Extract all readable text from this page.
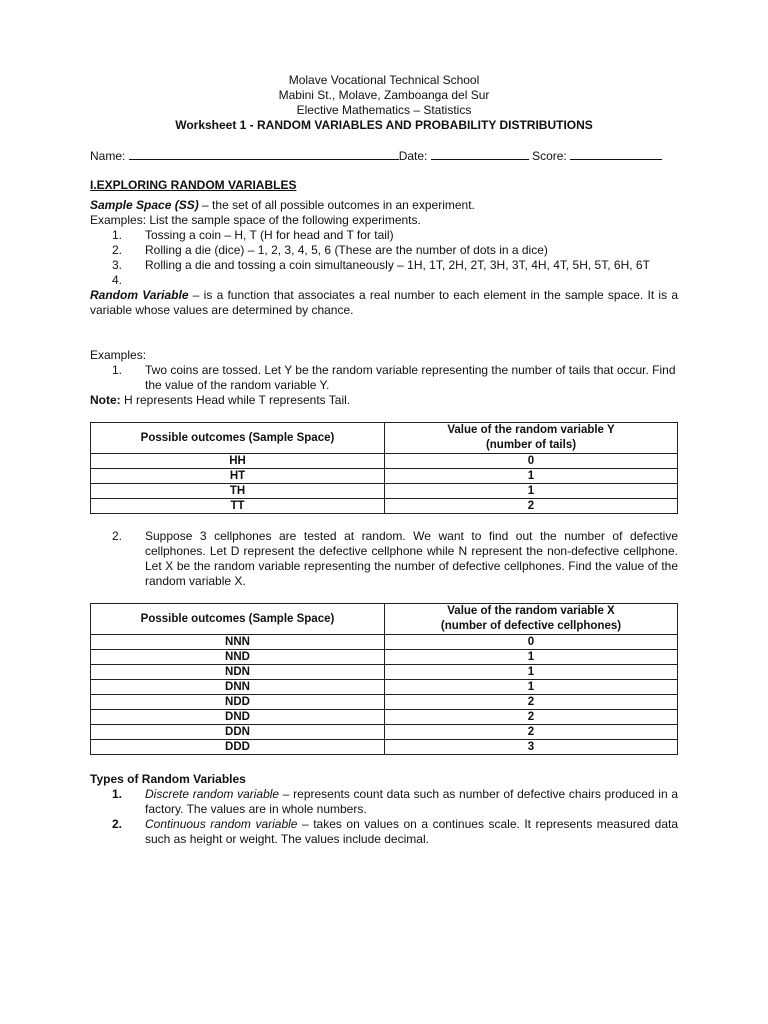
Molave Vocational Technical School
Mabini St., Molave, Zamboanga del Sur
Elective Mathematics – Statistics
Worksheet 1 - RANDOM VARIABLES AND PROBABILITY DISTRIBUTIONS
Name:	Date:	Score:
I.EXPLORING RANDOM VARIABLES
Sample Space (SS) – the set of all possible outcomes in an experiment.
Examples: List the sample space of the following experiments.
1. Tossing a coin – H, T (H for head and T for tail)
2. Rolling a die (dice) – 1, 2, 3, 4, 5, 6 (These are the number of dots in a dice)
3. Rolling a die and tossing a coin simultaneously – 1H, 1T, 2H, 2T, 3H, 3T, 4H, 4T, 5H, 5T, 6H, 6T
4.
Random Variable – is a function that associates a real number to each element in the sample space. It is a variable whose values are determined by chance.
Examples:
1. Two coins are tossed. Let Y be the random variable representing the number of tails that occur. Find the value of the random variable Y.
Note: H represents Head while T represents Tail.
Possible outcomes (Sample Space)	Value of the random variable Y
(number of tails)
HH	0
HT	1
TH	1
TT	2
2. Suppose 3 cellphones are tested at random. We want to find out the number of defective cellphones. Let D represent the defective cellphone while N represent the non-defective cellphone. Let X be the random variable representing the number of defective cellphones. Find the value of the random variable X.
Possible outcomes (Sample Space)	Value of the random variable X
(number of defective cellphones)
NNN	0
NND	1
NDN	1
DNN	1
NDD	2
DND	2
DDN	2
DDD	3
Types of Random Variables
1. Discrete random variable – represents count data such as number of defective chairs produced in a factory. The values are in whole numbers.
2. Continuous random variable – takes on values on a continues scale. It represents measured data such as height or weight. The values include decimal.
